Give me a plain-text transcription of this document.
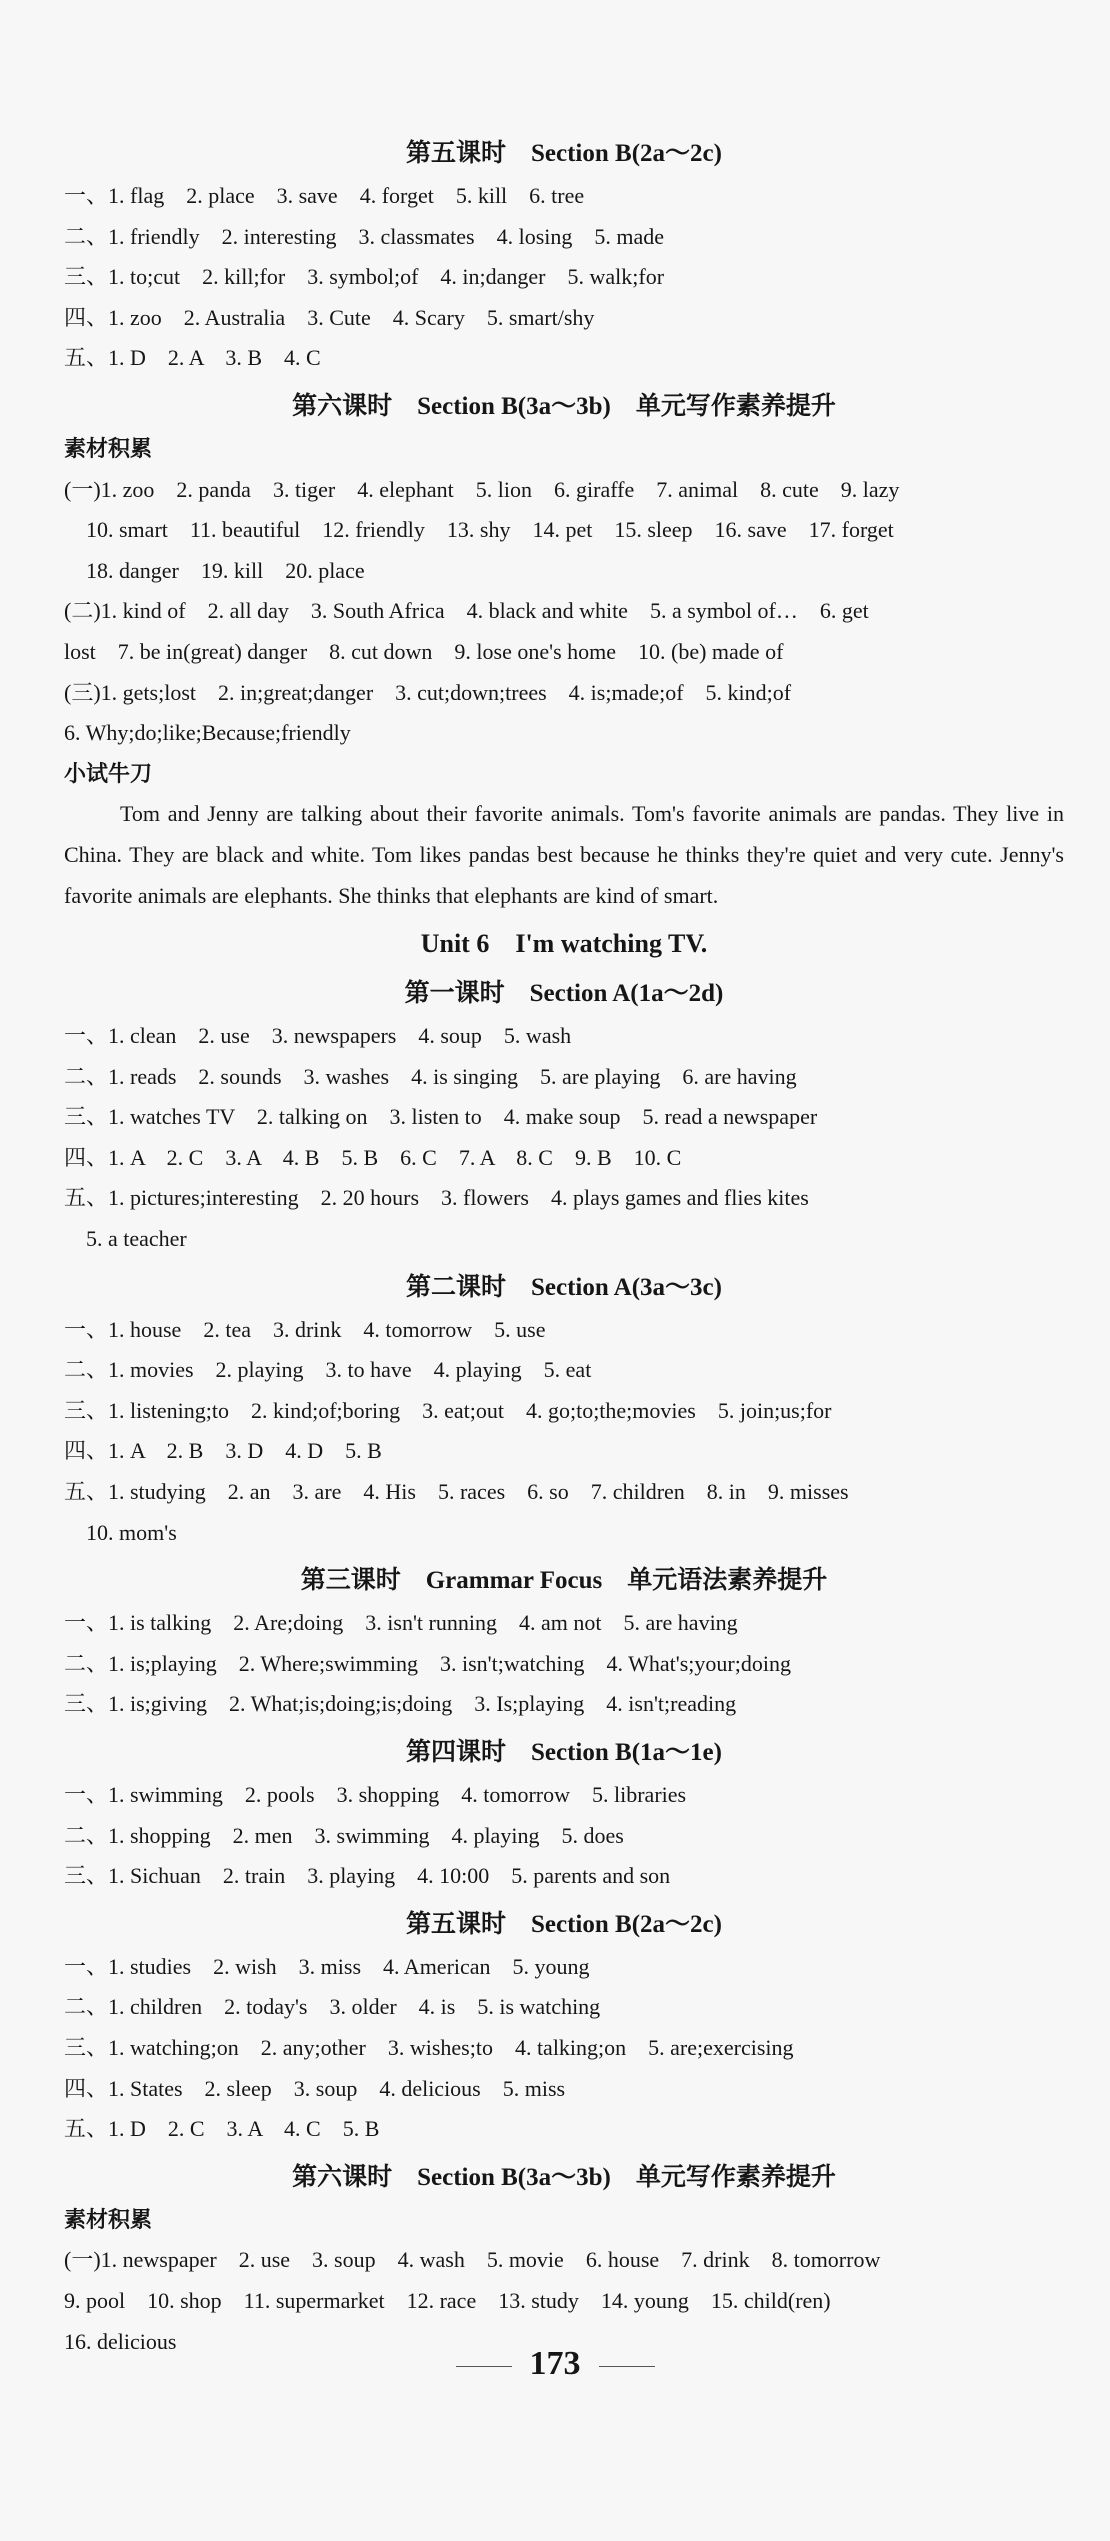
第五课时　Section B(2a～2c)
一、1. flag　2. place　3. save　4. forget　5. kill　6. tree
二、1. friendly　2. interesting　3. classmates　4. losing　5. made
三、1. to;cut　2. kill;for　3. symbol;of　4. in;danger　5. walk;for
四、1. zoo　2. Australia　3. Cute　4. Scary　5. smart/shy
五、1. D　2. A　3. B　4. C
第六课时　Section B(3a～3b)　单元写作素养提升
素材积累
(一)1. zoo　2. panda　3. tiger　4. elephant　5. lion　6. giraffe　7. animal　8. cute　9. lazy
10. smart　11. beautiful　12. friendly　13. shy　14. pet　15. sleep　16. save　17. forget
18. danger　19. kill　20. place
(二)1. kind of　2. all day　3. South Africa　4. black and white　5. a symbol of…　6. get
lost　7. be in(great) danger　8. cut down　9. lose one's home　10. (be) made of
(三)1. gets;lost　2. in;great;danger　3. cut;down;trees　4. is;made;of　5. kind;of
6. Why;do;like;Because;friendly
小试牛刀

Tom and Jenny are talking about their favorite animals. Tom's favorite animals are pandas. They live in China. They are black and white. Tom likes pandas best because he thinks they're quiet and very cute. Jenny's favorite animals are elephants. She thinks that elephants are kind of smart.

Unit 6　I'm watching TV.
第一课时　Section A(1a～2d)
一、1. clean　2. use　3. newspapers　4. soup　5. wash
二、1. reads　2. sounds　3. washes　4. is singing　5. are playing　6. are having
三、1. watches TV　2. talking on　3. listen to　4. make soup　5. read a newspaper
四、1. A　2. C　3. A　4. B　5. B　6. C　7. A　8. C　9. B　10. C
五、1. pictures;interesting　2. 20 hours　3. flowers　4. plays games and flies kites
5. a teacher
第二课时　Section A(3a～3c)
一、1. house　2. tea　3. drink　4. tomorrow　5. use
二、1. movies　2. playing　3. to have　4. playing　5. eat
三、1. listening;to　2. kind;of;boring　3. eat;out　4. go;to;the;movies　5. join;us;for
四、1. A　2. B　3. D　4. D　5. B
五、1. studying　2. an　3. are　4. His　5. races　6. so　7. children　8. in　9. misses
10. mom's
第三课时　Grammar Focus　单元语法素养提升
一、1. is talking　2. Are;doing　3. isn't running　4. am not　5. are having
二、1. is;playing　2. Where;swimming　3. isn't;watching　4. What's;your;doing
三、1. is;giving　2. What;is;doing;is;doing　3. Is;playing　4. isn't;reading
第四课时　Section B(1a～1e)
一、1. swimming　2. pools　3. shopping　4. tomorrow　5. libraries
二、1. shopping　2. men　3. swimming　4. playing　5. does
三、1. Sichuan　2. train　3. playing　4. 10:00　5. parents and son
第五课时　Section B(2a～2c)
一、1. studies　2. wish　3. miss　4. American　5. young
二、1. children　2. today's　3. older　4. is　5. is watching
三、1. watching;on　2. any;other　3. wishes;to　4. talking;on　5. are;exercising
四、1. States　2. sleep　3. soup　4. delicious　5. miss
五、1. D　2. C　3. A　4. C　5. B
第六课时　Section B(3a～3b)　单元写作素养提升
素材积累
(一)1. newspaper　2. use　3. soup　4. wash　5. movie　6. house　7. drink　8. tomorrow
9. pool　10. shop　11. supermarket　12. race　13. study　14. young　15. child(ren)
16. delicious
173
